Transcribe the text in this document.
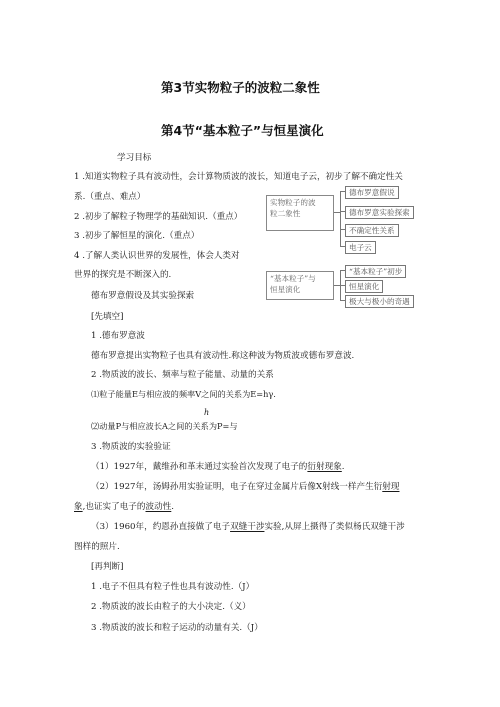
第3节实物粒子的波粒二象性
第4节“基本粒子”与恒星演化
学习目标
1 .知道实物粒子具有波动性，会计算物质波的波长，知道电子云，初步了解不确定性关
系.（重点、难点）
2 .初步了解粒子物理学的基础知识.（重点）
3 .初步了解恒星的演化.（重点）
4 .了解人类认识世界的发展性，体会人类对
世界的探究是不断深入的.
实物粒子的波
粒二象性
德布罗意假说
德布罗意实验探索
不确定性关系
电子云
“基本粒子”与
恒星演化
“基本粒子”初步
恒星演化
极大与极小的奇遇
德布罗意假设及其实验探索
[先填空]
1 .德布罗意波
德布罗意提出实物粒子也具有波动性.称这种波为物质波或德布罗意波.
2 .物质波的波长、频率与粒子能量、动量的关系
⑴粒子能量E与相应波的频率V之间的关系为E=hγ.
h
⑵动量P与相应波长A之间的关系为P=与
3 .物质波的实验验证
（1）1927年，戴维孙和革末通过实验首次发现了电子的衍射现象.
（2）1927年，汤姆孙用实验证明，电子在穿过金属片后像X射线一样产生衍射现
象,也证实了电子的波动性.
（3）1960年，约恩孙直接做了电子双缝干涉实验,从屏上摄得了类似杨氏双缝干涉
图样的照片.
[再判断]
1 .电子不但具有粒子性也具有波动性.（J）
2 .物质波的波长由粒子的大小决定.（义）
3 .物质波的波长和粒子运动的动量有关.（J）
